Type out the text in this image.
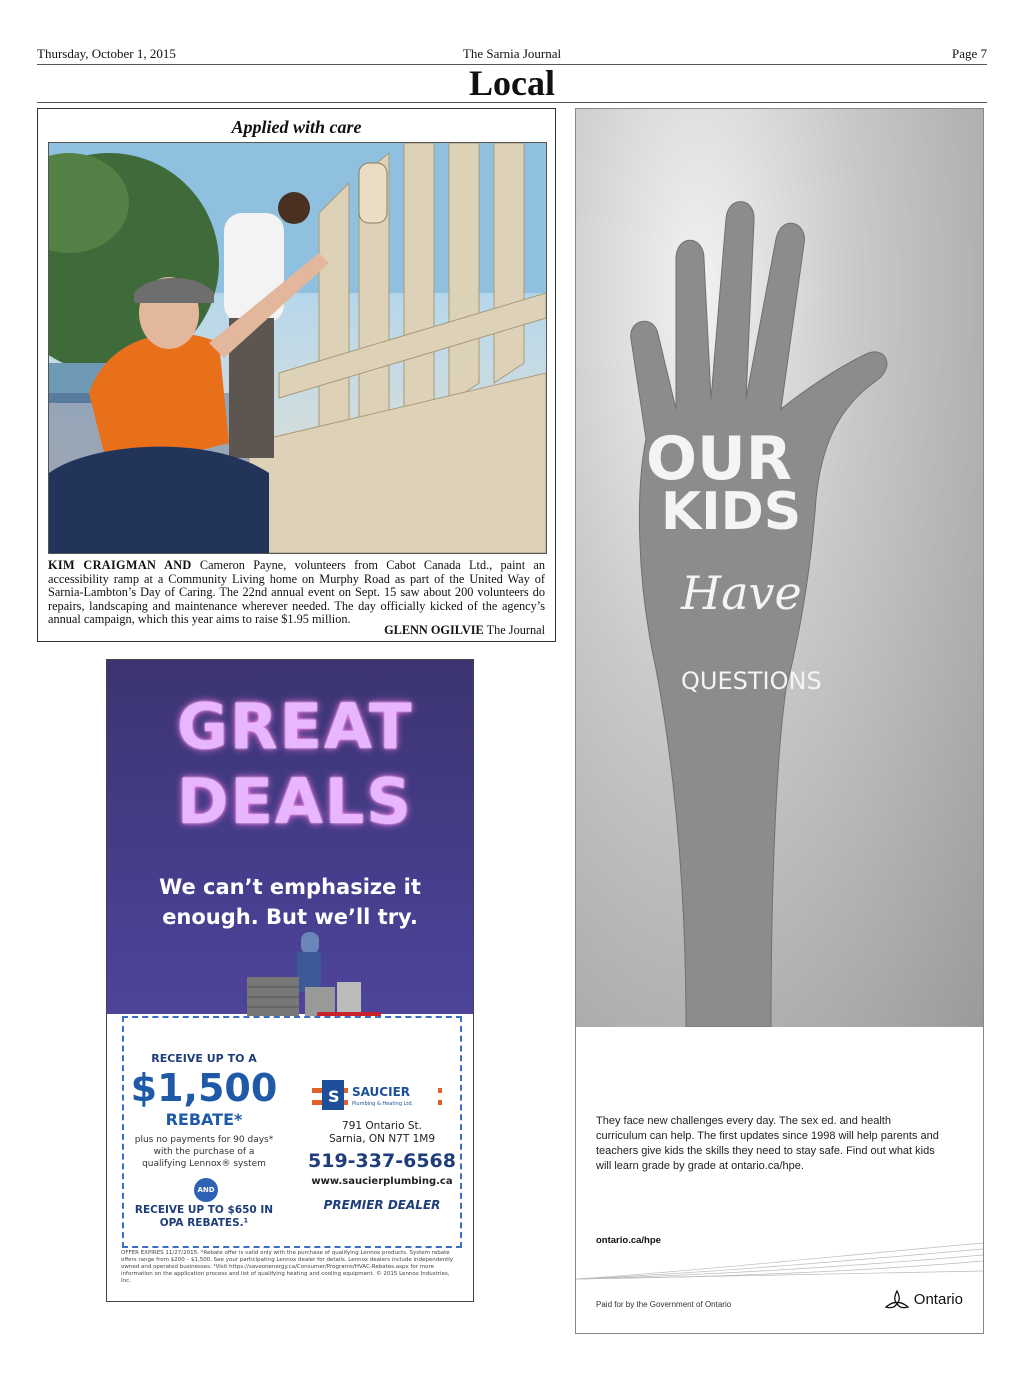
Thursday, October 1, 2015	The Sarnia Journal	Page 7
Local
Applied with care
KIM CRAIGMAN AND Cameron Payne, volunteers from Cabot Canada Ltd., paint an accessibility ramp at a Community Living home on Murphy Road as part of the United Way of Sarnia-Lambton’s Day of Caring. The 22nd annual event on Sept. 15 saw about 200 volunteers do repairs, landscaping and maintenance wherever needed. The day officially kicked of the agency’s annual campaign, which this year aims to raise $1.95 million.
GLENN OGILVIE The Journal
GREAT
DEALS
We can’t emphasize it
enough. But we’ll try.
RECEIVE UP TO A
$1,500
REBATE*
plus no payments for 90 days* with the purchase of a qualifying Lennox® system
AND
RECEIVE UP TO $650 IN OPA REBATES.¹
S SAUCIER
Plumbing & Heating Ltd.
791 Ontario St.
Sarnia, ON N7T 1M9
519-337-6568
www.saucierplumbing.ca
PREMIER DEALER
OFFER EXPIRES 11/27/2015. *Rebate offer is valid only with the purchase of qualifying Lennox products. System rebate offers range from $200 – $1,500. See your participating Lennox dealer for details. Lennox dealers include independently owned and operated businesses. ¹Visit https://saveonenergy.ca/Consumer/Programs/HVAC-Rebates.aspx for more information on the application process and list of qualifying heating and cooling equipment. © 2015 Lennox Industries, Inc.
OUR
KIDS
Have
QUESTIONS
They face new challenges every day. The sex ed. and health curriculum can help. The first updates since 1998 will help parents and teachers give kids the skills they need to stay safe. Find out what kids will learn grade by grade at ontario.ca/hpe.
ontario.ca/hpe
Paid for by the Government of Ontario	Ontario
